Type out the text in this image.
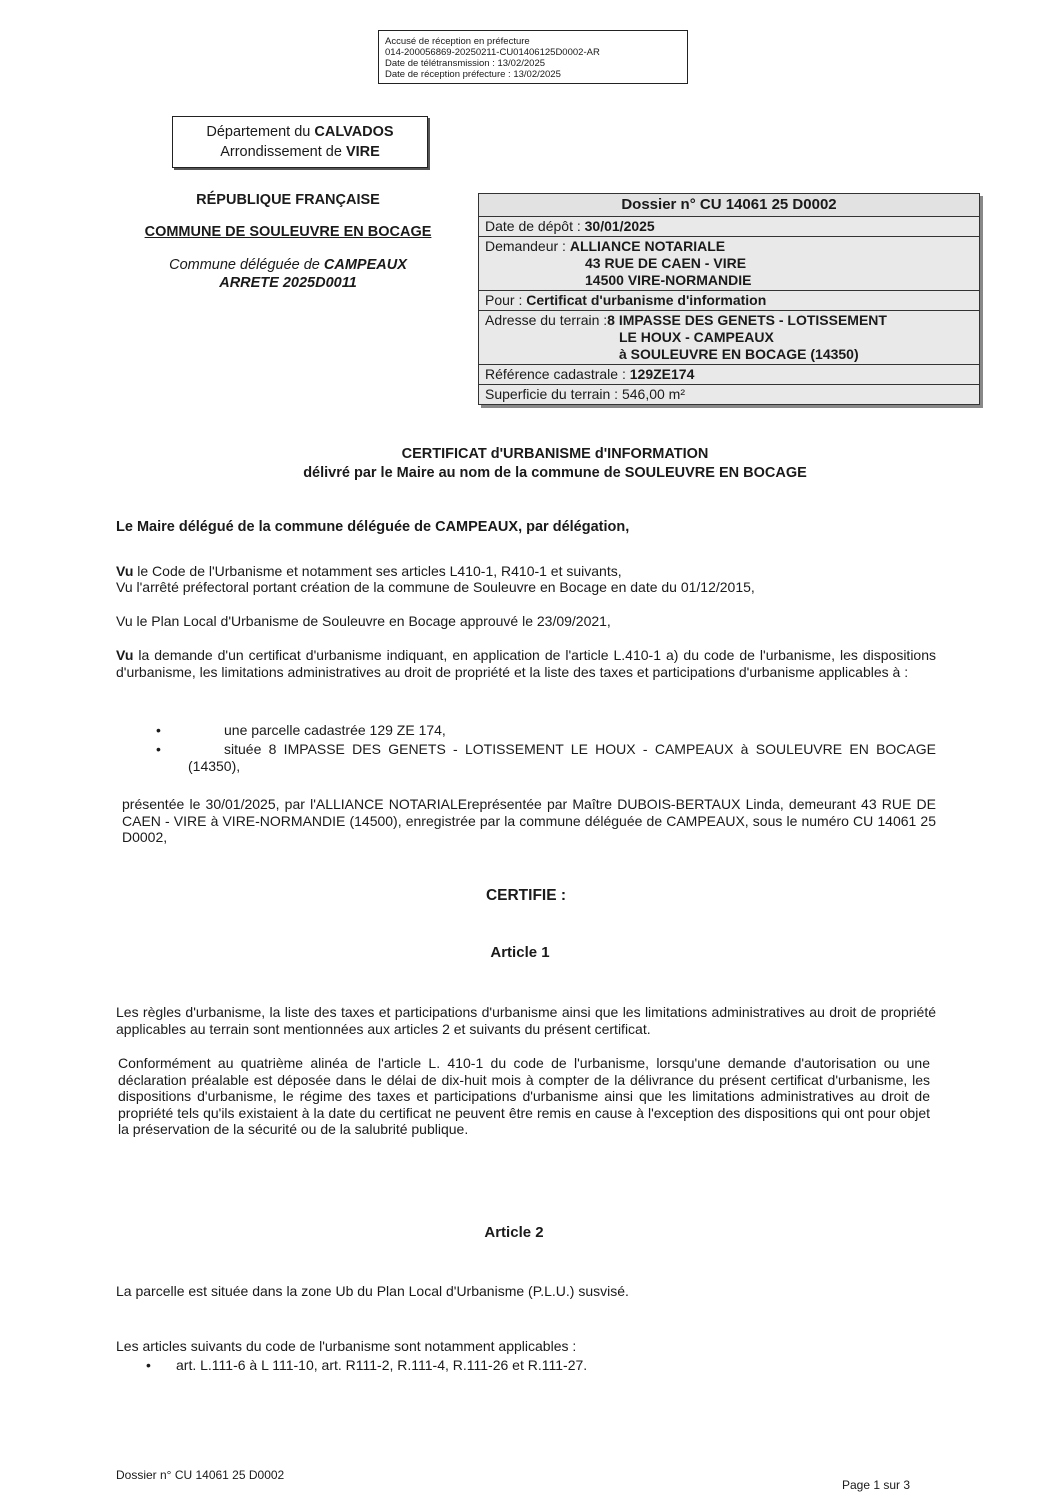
Accusé de réception en préfecture
014-200056869-20250211-CU01406125D0002-AR
Date de télétransmission : 13/02/2025
Date de réception préfecture : 13/02/2025
Département du CALVADOS
Arrondissement de VIRE
RÉPUBLIQUE FRANÇAISE
COMMUNE DE SOULEUVRE EN BOCAGE
Commune déléguée de CAMPEAUX
ARRETE 2025D0011
Dossier n° CU 14061 25 D0002
Date de dépôt : 30/01/2025
Demandeur : ALLIANCE NOTARIALE
43 RUE DE CAEN - VIRE
14500 VIRE-NORMANDIE
Pour : Certificat d'urbanisme d'information
Adresse du terrain :8 IMPASSE DES GENETS - LOTISSEMENT
LE HOUX - CAMPEAUX
à SOULEUVRE EN BOCAGE (14350)
Référence cadastrale : 129ZE174
Superficie du terrain : 546,00 m²
CERTIFICAT d'URBANISME d'INFORMATION
délivré par le Maire au nom de la commune de SOULEUVRE EN BOCAGE
Le Maire délégué de la commune déléguée de CAMPEAUX, par délégation,
Vu le Code de l'Urbanisme et notamment ses articles L410-1, R410-1 et suivants,
Vu l'arrêté préfectoral portant création de la commune de Souleuvre en Bocage en date du 01/12/2015,
Vu le Plan Local d'Urbanisme de Souleuvre en Bocage approuvé le 23/09/2021,
Vu la demande d'un certificat d'urbanisme indiquant, en application de l'article L.410-1 a) du code de l'urbanisme, les dispositions d'urbanisme, les limitations administratives au droit de propriété et la liste des taxes et participations d'urbanisme applicables à :
•	une parcelle cadastrée 129 ZE 174,
•	située 8 IMPASSE DES GENETS - LOTISSEMENT LE HOUX - CAMPEAUX à SOULEUVRE EN BOCAGE (14350),
présentée le 30/01/2025, par l'ALLIANCE NOTARIALEreprésentée par Maître DUBOIS-BERTAUX Linda, demeurant 43 RUE DE CAEN - VIRE à VIRE-NORMANDIE (14500), enregistrée par la commune déléguée de CAMPEAUX, sous le numéro CU 14061 25 D0002,
CERTIFIE :
Article 1
Les règles d'urbanisme, la liste des taxes et participations d'urbanisme ainsi que les limitations administratives au droit de propriété applicables au terrain sont mentionnées aux articles 2 et suivants du présent certificat.
Conformément au quatrième alinéa de l'article L. 410-1 du code de l'urbanisme, lorsqu'une demande d'autorisation ou une déclaration préalable est déposée dans le délai de dix-huit mois à compter de la délivrance du présent certificat d'urbanisme, les dispositions d'urbanisme, le régime des taxes et participations d'urbanisme ainsi que les limitations administratives au droit de propriété tels qu'ils existaient à la date du certificat ne peuvent être remis en cause à l'exception des dispositions qui ont pour objet la préservation de la sécurité ou de la salubrité publique.
Article 2
La parcelle est située dans la zone Ub du Plan Local d'Urbanisme (P.L.U.) susvisé.
Les articles suivants du code de l'urbanisme sont notamment applicables :
• art. L.111-6 à L 111-10, art. R111-2, R.111-4, R.111-26 et R.111-27.
Dossier n° CU 14061 25 D0002
Page 1 sur 3
